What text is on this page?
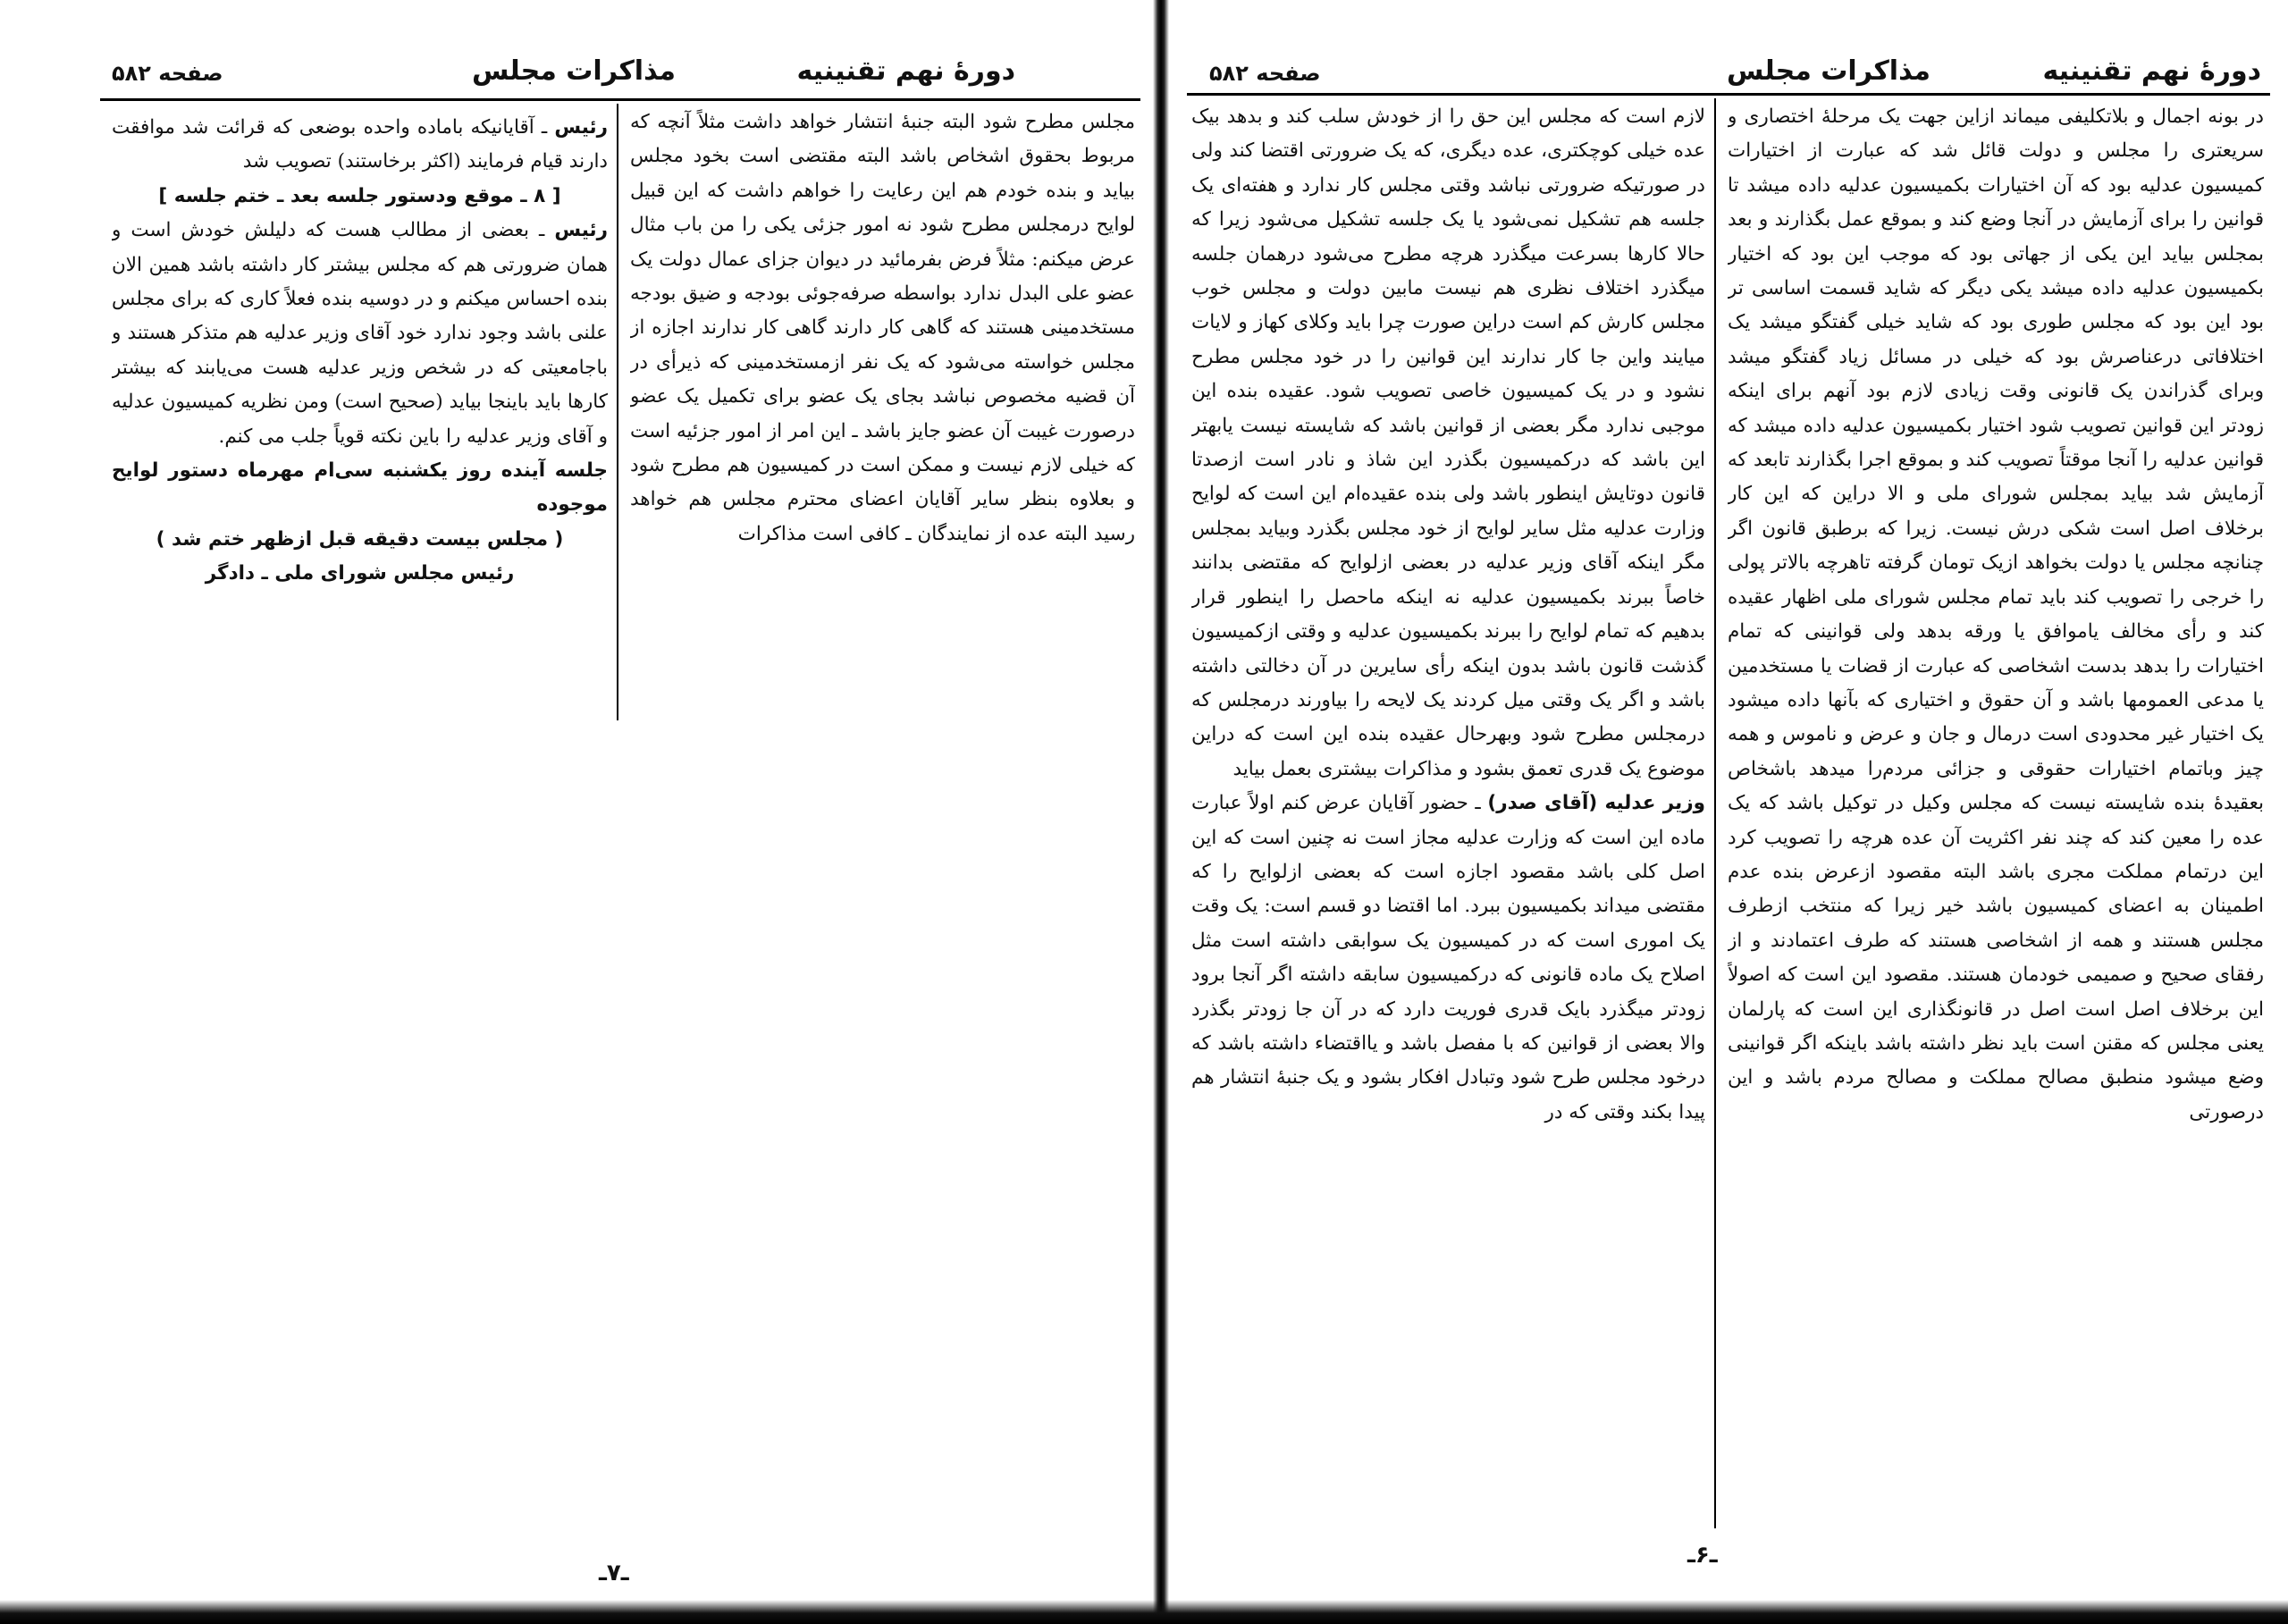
دورهٔ نهم تقنینیه
مذاکرات مجلس
صفحه ۵۸۲

مجلس مطرح شود البته جنبهٔ انتشار خواهد داشت مثلاً آنچه که مربوط بحقوق اشخاص باشد البته مقتضی است بخود مجلس بیاید و بنده خودم هم این رعایت را خواهم داشت که این قبیل لوایح درمجلس مطرح شود نه امور جزئی یکی را من باب مثال عرض میکنم: مثلاً فرض بفرمائید در دیوان جزای عمال دولت یک عضو علی البدل ندارد بواسطه صرفه‌جوئی بودجه و ضیق بودجه مستخدمینی هستند که گاهی کار دارند گاهی کار ندارند اجازه از مجلس خواسته می‌شود که یک نفر ازمستخدمینی که ذیرأی در آن قضیه مخصوص نباشد بجای یک عضو برای تکمیل یک عضو درصورت غیبت آن عضو جایز باشد ـ این امر از امور جزئیه است که خیلی لازم نیست و ممکن است در کمیسیون هم مطرح شود و بعلاوه بنظر سایر آقایان اعضای محترم مجلس هم خواهد رسید البته عده از نمایندگان ـ کافی است مذاکرات

رئیس ـ آقایانیکه باماده واحده بوضعی که قرائت شد موافقت دارند قیام فرمایند (اکثر برخاستند) تصویب شد

[ ۸ ـ موقع ودستور جلسه بعد ـ ختم جلسه ]

رئیس ـ بعضی از مطالب هست که دلیلش خودش است و همان ضرورتی هم که مجلس بیشتر کار داشته باشد همین الان بنده احساس میکنم و در دوسیه بنده فعلاً کاری که برای مجلس علنی باشد وجود ندارد خود آقای وزیر عدلیه هم متذکر هستند و باجامعیتی که در شخص وزیر عدلیه هست می‌یابند که بیشتر کارها باید باینجا بیاید (صحیح است) ومن نظریه کمیسیون عدلیه و آقای وزیر عدلیه را باین نکته قویاً جلب می کنم.

جلسه آینده روز یکشنبه سی‌ام مهرماه دستور لوایح موجوده

( مجلس بیست دقیقه قبل ازظهر ختم شد )

رئیس مجلس شورای ملی ـ دادگر

ـ۷ـ
دورهٔ نهم تقنینیه
مذاکرات مجلس
صفحه ۵۸۲

در بونه اجمال و بلاتکلیفی میماند ازاین جهت یک مرحلهٔ اختصاری و سریعتری را مجلس و دولت قائل شد که عبارت از اختیارات کمیسیون عدلیه بود که آن اختیارات بکمیسیون عدلیه داده میشد تا قوانین را برای آزمایش در آنجا وضع کند و بموقع عمل بگذارند و بعد بمجلس بیاید این یکی از جهاتی بود که موجب این بود که اختیار بکمیسیون عدلیه داده میشد یکی دیگر که شاید قسمت اساسی تر بود این بود که مجلس طوری بود که شاید خیلی گفتگو میشد یک اختلافاتی درعناصرش بود که خیلی در مسائل زیاد گفتگو میشد وبرای گذراندن یک قانونی وقت زیادی لازم بود آنهم برای اینکه زودتر این قوانین تصویب شود اختیار بکمیسیون عدلیه داده میشد که قوانین عدلیه را آنجا موقتاً تصویب کند و بموقع اجرا بگذارند تابعد که آزمایش شد بیاید بمجلس شورای ملی و الا دراین که این کار برخلاف اصل است شکی درش نیست. زیرا که برطبق قانون اگر چنانچه مجلس یا دولت بخواهد ازیک تومان گرفته تاهرچه بالاتر پولی را خرجی را تصویب کند باید تمام مجلس شورای ملی اظهار عقیده کند و رأی مخالف یاموافق یا ورقه بدهد ولی قوانینی که تمام اختیارات را بدهد بدست اشخاصی که عبارت از قضات یا مستخدمین یا مدعی العمومها باشد و آن حقوق و اختیاری که بآنها داده میشود یک اختیار غیر محدودی است درمال و جان و عرض و ناموس و همه چیز وباتمام اختیارات حقوقی و جزائی مردم‌را میدهد باشخاص بعقیدهٔ بنده شایسته نیست که مجلس وکیل در توکیل باشد که یک عده را معین کند که چند نفر اکثریت آن عده هرچه را تصویب کرد این درتمام مملکت مجری باشد البته مقصود ازعرض بنده عدم اطمینان به اعضای کمیسیون باشد خیر زیرا که منتخب ازطرف مجلس هستند و همه از اشخاصی هستند که طرف اعتمادند و از رفقای صحیح و صمیمی خودمان هستند. مقصود این است که اصولاً این برخلاف اصل است اصل در قانونگذاری این است که پارلمان یعنی مجلس که مقنن است باید نظر داشته باشد باینکه اگر قوانینی وضع میشود منطبق مصالح مملکت و مصالح مردم باشد و این درصورتی

لازم است که مجلس این حق را از خودش سلب کند و بدهد بیک عده خیلی کوچکتری، عده دیگری، که یک ضرورتی اقتضا کند ولی در صورتیکه ضرورتی نباشد وقتی مجلس کار ندارد و هفته‌ای یک جلسه هم تشکیل نمی‌شود یا یک جلسه تشکیل می‌شود زیرا که حالا کارها بسرعت میگذرد هرچه مطرح می‌شود درهمان جلسه میگذرد اختلاف نظری هم نیست مابین دولت و مجلس خوب مجلس کارش کم است دراین صورت چرا باید وکلای کهاز و لایات میایند واین جا کار ندارند این قوانین را در خود مجلس مطرح نشود و در یک کمیسیون خاصی تصویب شود. عقیده بنده این موجبی ندارد مگر بعضی از قوانین باشد که شایسته نیست یابهتر این باشد که درکمیسیون بگذرد این شاذ و نادر است ازصدتا قانون دوتایش اینطور باشد ولی بنده عقیده‌ام این است که لوایح وزارت عدلیه مثل سایر لوایح از خود مجلس بگذرد وبیاید بمجلس مگر اینکه آقای وزیر عدلیه در بعضی ازلوایح که مقتضی بدانند خاصاً ببرند بکمیسیون عدلیه نه اینکه ماحصل را اینطور قرار بدهیم که تمام لوایح را ببرند بکمیسیون عدلیه و وقتی ازکمیسیون گذشت قانون باشد بدون اینکه رأی سایرین در آن دخالتی داشته باشد و اگر یک وقتی میل کردند یک لایحه را بیاورند درمجلس که درمجلس مطرح شود وبهرحال عقیده بنده این است که دراین موضوع یک قدری تعمق بشود و مذاکرات بیشتری بعمل بیاید

وزیر عدلیه (آقای صدر) ـ حضور آقایان عرض کنم اولاً عبارت ماده این است که وزارت عدلیه مجاز است نه چنین است که این اصل کلی باشد مقصود اجازه است که بعضی ازلوایح را که مقتضی میداند بکمیسیون ببرد. اما اقتضا دو قسم است: یک وقت یک اموری است که در کمیسیون یک سوابقی داشته است مثل اصلاح یک ماده قانونی که درکمیسیون سابقه داشته اگر آنجا برود زودتر میگذرد بایک قدری فوریت دارد که در آن جا زودتر بگذرد والا بعضی از قوانین که با مفصل باشد و یااقتضاء داشته باشد که درخود مجلس طرح شود وتبادل افکار بشود و یک جنبهٔ انتشار هم پیدا بکند وقتی که در

ـ۶ـ
